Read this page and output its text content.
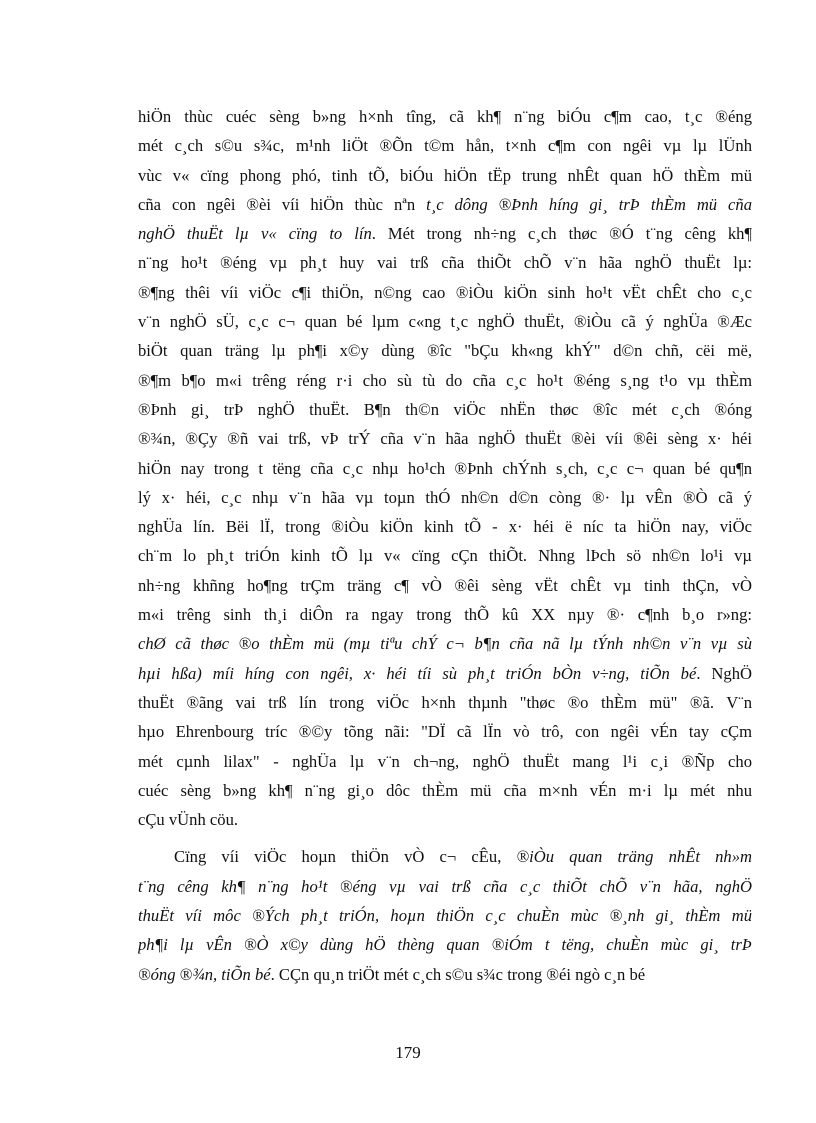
hiÖn thùc cuéc sèng b»ng h×nh tîng, cã kh¶ n¨ng biÓu c¶m cao, t¸c ®éng
mét c¸ch s©u s¾c, m¹nh liÖt ®Õn t©m hån, t×nh c¶m con ngêi vµ lµ lÜnh
vùc v« cïng phong phó, tinh tÕ, biÓu hiÖn tËp trung nhÊt quan hÖ thÈm mü
cña con ngêi ®èi víi hiÖn thùc nªn t¸c dông ®Þnh híng gi¸ trÞ thÈm mü cña
nghÖ thuËt lµ v« cïng to lín. Mét trong nh÷ng c¸ch thøc ®Ó t¨ng cêng kh¶
n¨ng ho¹t ®éng vµ ph¸t huy vai trß cña thiÕt chÕ v¨n hãa nghÖ thuËt lµ:
®¶ng thêi víi viÖc c¶i thiÖn, n©ng cao ®iÒu kiÖn sinh ho¹t vËt chÊt cho c¸c
v¨n nghÖ sÜ, c¸c c¬ quan bé lµm c«ng t¸c nghÖ thuËt, ®iÒu cã ý nghÜa ®Æc
biÖt quan träng lµ ph¶i x©y dùng ®îc "bÇu kh«ng khÝ" d©n chñ, cëi më,
®¶m b¶o m«i trêng réng r·i cho sù tù do cña c¸c ho¹t ®éng s¸ng t¹o vµ thÈm
®Þnh gi¸ trÞ nghÖ thuËt. B¶n th©n viÖc nhËn thøc ®îc mét c¸ch ®óng
®¾n, ®Çy ®ñ vai trß, vÞ trÝ cña v¨n hãa nghÖ thuËt ®èi víi ®êi sèng x· héi
hiÖn nay trong t tëng cña c¸c nhµ ho¹ch ®Þnh chÝnh s¸ch, c¸c c¬ quan bé qu¶n
lý x· héi, c¸c nhµ v¨n hãa vµ toµn thÓ nh©n d©n còng ®· lµ vÊn ®Ò cã ý
nghÜa lín. Bëi lÏ, trong ®iÒu kiÖn kinh tÕ - x· héi ë níc ta hiÖn nay, viÖc
ch¨m lo ph¸t triÓn kinh tÕ lµ v« cïng cÇn thiÕt. Nhng lÞch sö nh©n lo¹i vµ
nh÷ng khñng ho¶ng trÇm träng c¶ vÒ ®êi sèng vËt chÊt vµ tinh thÇn, vÒ
m«i trêng sinh th¸i diÔn ra ngay trong thÕ kû XX nµy ®· c¶nh b¸o r»ng:
chØ cã thøc ®o thÈm mü (mµ tiªu chÝ c¬ b¶n cña nã lµ tÝnh nh©n v¨n vµ sù
hµi hßa) míi híng con ngêi, x· héi tíi sù ph¸t triÓn bÒn v÷ng, tiÕn bé. NghÖ
thuËt ®ãng vai trß lín trong viÖc h×nh thµnh "thøc ®o thÈm mü" ®ã. V¨n
hµo Ehrenbourg tríc ®©y tõng nãi: "DÏ cã lÏn vò trô, con ngêi vÉn tay cÇm
mét cµnh lilax" - nghÜa lµ v¨n ch¬ng, nghÖ thuËt mang l¹i c¸i ®Ñp cho
cuéc sèng b»ng kh¶ n¨ng gi¸o dôc thÈm mü cña m×nh vÉn m·i lµ mét nhu
cÇu vÜnh cöu.
Cïng víi viÖc hoµn thiÖn vÒ c¬ cÊu, ®iÒu quan träng nhÊt nh»m
t¨ng cêng kh¶ n¨ng ho¹t ®éng vµ vai trß cña c¸c thiÕt chÕ v¨n hãa, nghÖ
thuËt víi môc ®Ých ph¸t triÓn, hoµn thiÖn c¸c chuÈn mùc ®¸nh gi¸ thÈm mü
ph¶i lµ vÊn ®Ò x©y dùng hÖ thèng quan ®iÓm t tëng, chuÈn mùc gi¸ trÞ
®óng ®¾n, tiÕn bé. CÇn qu¸n triÖt mét c¸ch s©u s¾c trong ®éi ngò c¸n bé
179
